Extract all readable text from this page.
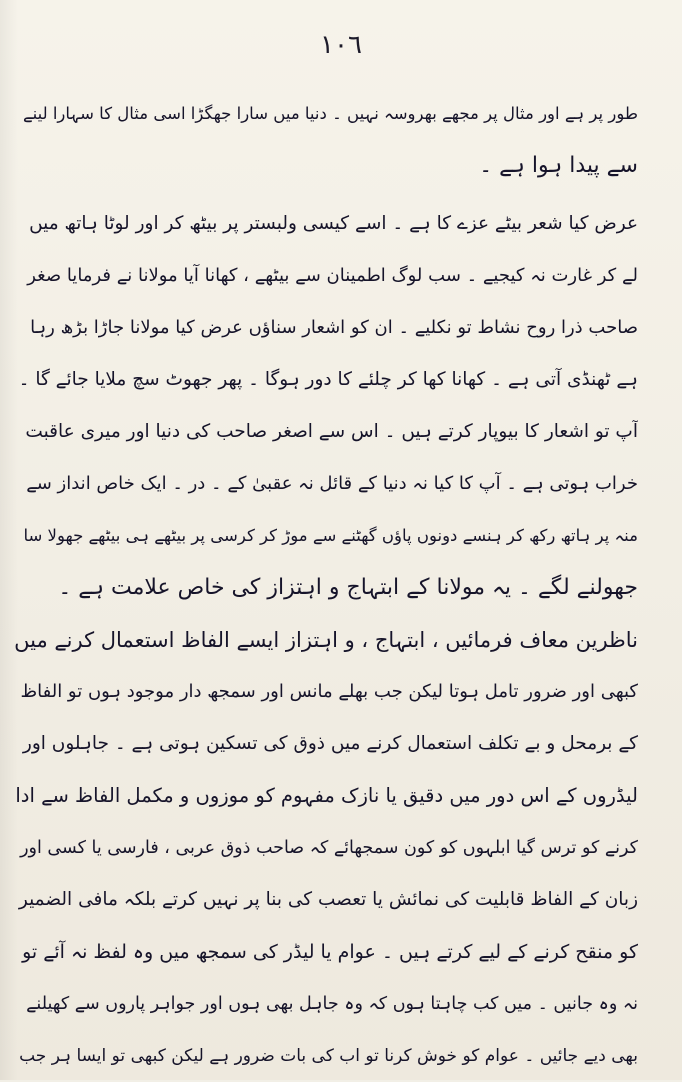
١٠٦
طور پر ہے اور مثال پر مجھے بھروسہ نہیں ۔ دنیا میں سارا جھگڑا اسی مثال کا سہارا لینے
سے پیدا ہوا ہے ۔
عرض کیا شعر بیٹے عزے کا ہے ۔ اسے کیسی ولبستر پر بیٹھ کر اور لوٹا ہاتھ میں
لے کر غارت نہ کیجیے ۔ سب لوگ اطمینان سے بیٹھے ، کھانا آیا مولانا نے فرمایا صغر
صاحب ذرا روح نشاط تو نکلیے ۔ ان کو اشعار سناؤں عرض کیا مولانا جاڑا بڑھ رہا
ہے ٹھنڈی آتی ہے ۔ کھانا کھا کر چلئے کا دور ہوگا ۔ پھر جھوٹ سچ ملایا جائے گا ۔
آپ تو اشعار کا بیوپار کرتے ہیں ۔ اس سے اصغر صاحب کی دنیا اور میری عاقبت
خراب ہوتی ہے ۔ آپ کا کیا نہ دنیا کے قائل نہ عقبیٰ کے ۔ در ۔ ایک خاص انداز سے
منہ پر ہاتھ رکھ کر ہنسے دونوں پاؤں گھٹنے سے موڑ کر کرسی پر بیٹھے ہی بیٹھے جھولا سا
جھولنے لگے ۔ یہ مولانا کے ابتہاج و اہتزاز کی خاص علامت ہے ۔
ناظرین معاف فرمائیں ، ابتہاج ، و اہتزاز ایسے الفاظ استعمال کرنے میں
کبھی اور ضرور تامل ہوتا لیکن جب بھلے مانس اور سمجھ دار موجود ہوں تو الفاظ
کے برمحل و بے تکلف استعمال کرنے میں ذوق کی تسکین ہوتی ہے ۔ جاہلوں اور
لیڈروں کے اس دور میں دقیق یا نازک مفہوم کو موزوں و مکمل الفاظ سے ادا
کرنے کو ترس گیا ابلہوں کو کون سمجھائے کہ صاحب ذوق عربی ، فارسی یا کسی اور
زبان کے الفاظ قابلیت کی نمائش یا تعصب کی بنا پر نہیں کرتے بلکہ مافی الضمیر
کو منقح کرنے کے لیے کرتے ہیں ۔ عوام یا لیڈر کی سمجھ میں وہ لفظ نہ آئے تو
نہ وہ جانیں ۔ میں کب چاہتا ہوں کہ وہ جاہل بھی ہوں اور جواہر پاروں سے کھیلنے
بھی دیے جائیں ۔ عوام کو خوش کرنا تو اب کی بات ضرور ہے لیکن کبھی تو ایسا ہر جب
